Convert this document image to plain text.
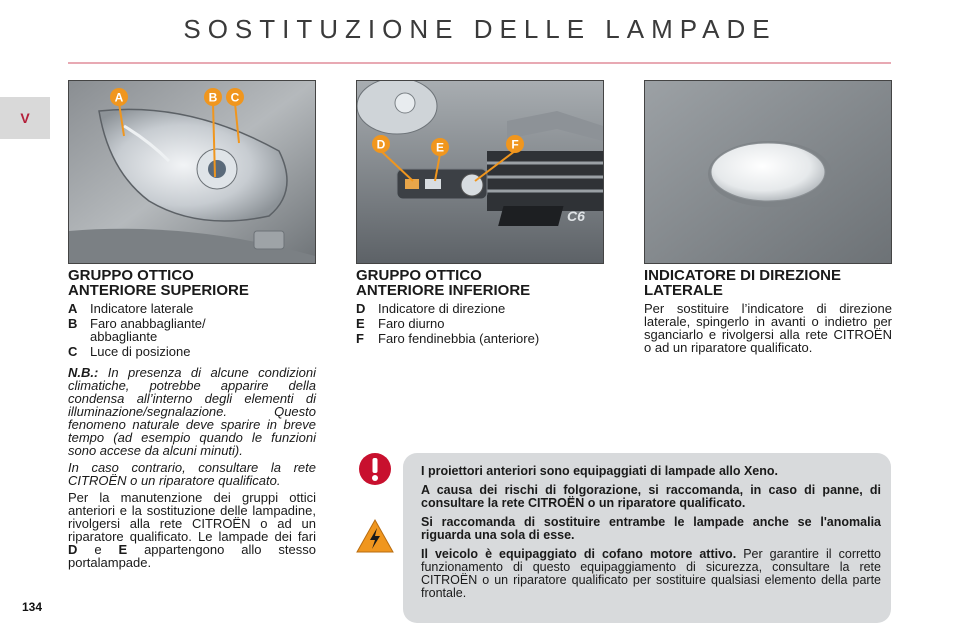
SOSTITUZIONE DELLE LAMPADE
V
134
A	B C
C6
D	E	F
GRUPPO OTTICO
ANTERIORE SUPERIORE
A Indicatore laterale
B Faro anabbagliante/
abbagliante
C Luce di posizione

N.B.: In presenza di alcune condizioni climatiche, potrebbe apparire della condensa all’interno degli elementi di illuminazione/segnalazione. Questo fenomeno naturale deve sparire in breve tempo (ad esempio quando le funzioni sono accese da alcuni minuti).

In caso contrario, consultare la rete CITROËN o un riparatore qualificato.

Per la manutenzione dei gruppi ottici anteriori e la sostituzione delle lampadine, rivolgersi alla rete CITROËN o ad un riparatore qualificato. Le lampade dei fari D e E appartengono allo stesso portalampade.
GRUPPO OTTICO
ANTERIORE INFERIORE
D Indicatore di direzione
E	Faro diurno
F	Faro fendinebbia (anteriore)
INDICATORE DI DIREZIONE
LATERALE
Per sostituire l’indicatore di direzione laterale, spingerlo in avanti o indietro per sganciarlo e rivolgersi alla rete CITROËN o ad un riparatore qualificato.

I proiettori anteriori sono equipaggiati di lampade allo Xeno.

A causa dei rischi di folgorazione, si raccomanda, in caso di panne, di consultare la rete CITROËN o un riparatore qualificato.

Si raccomanda di sostituire entrambe le lampade anche se l'anomalia riguarda una sola di esse.

Il veicolo è equipaggiato di cofano motore attivo. Per garantire il corretto funzionamento di questo equipaggiamento di sicurezza, consultare la rete CITROËN o un riparatore qualificato per sostituire qualsiasi elemento della parte frontale.
